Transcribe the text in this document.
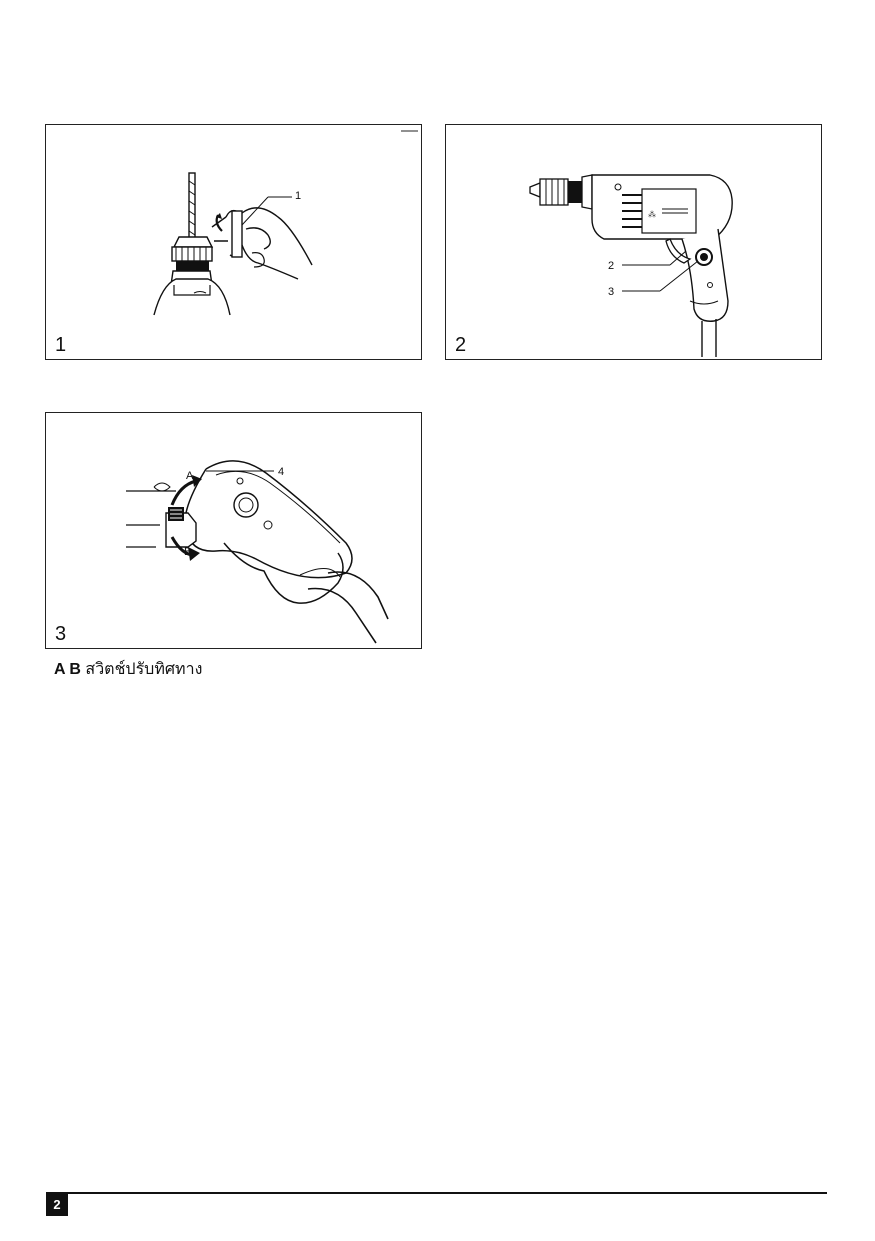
1
1
⁂
2
3
2
A	4
B
3
A B สวิตช์ปรับทิศทาง
2
